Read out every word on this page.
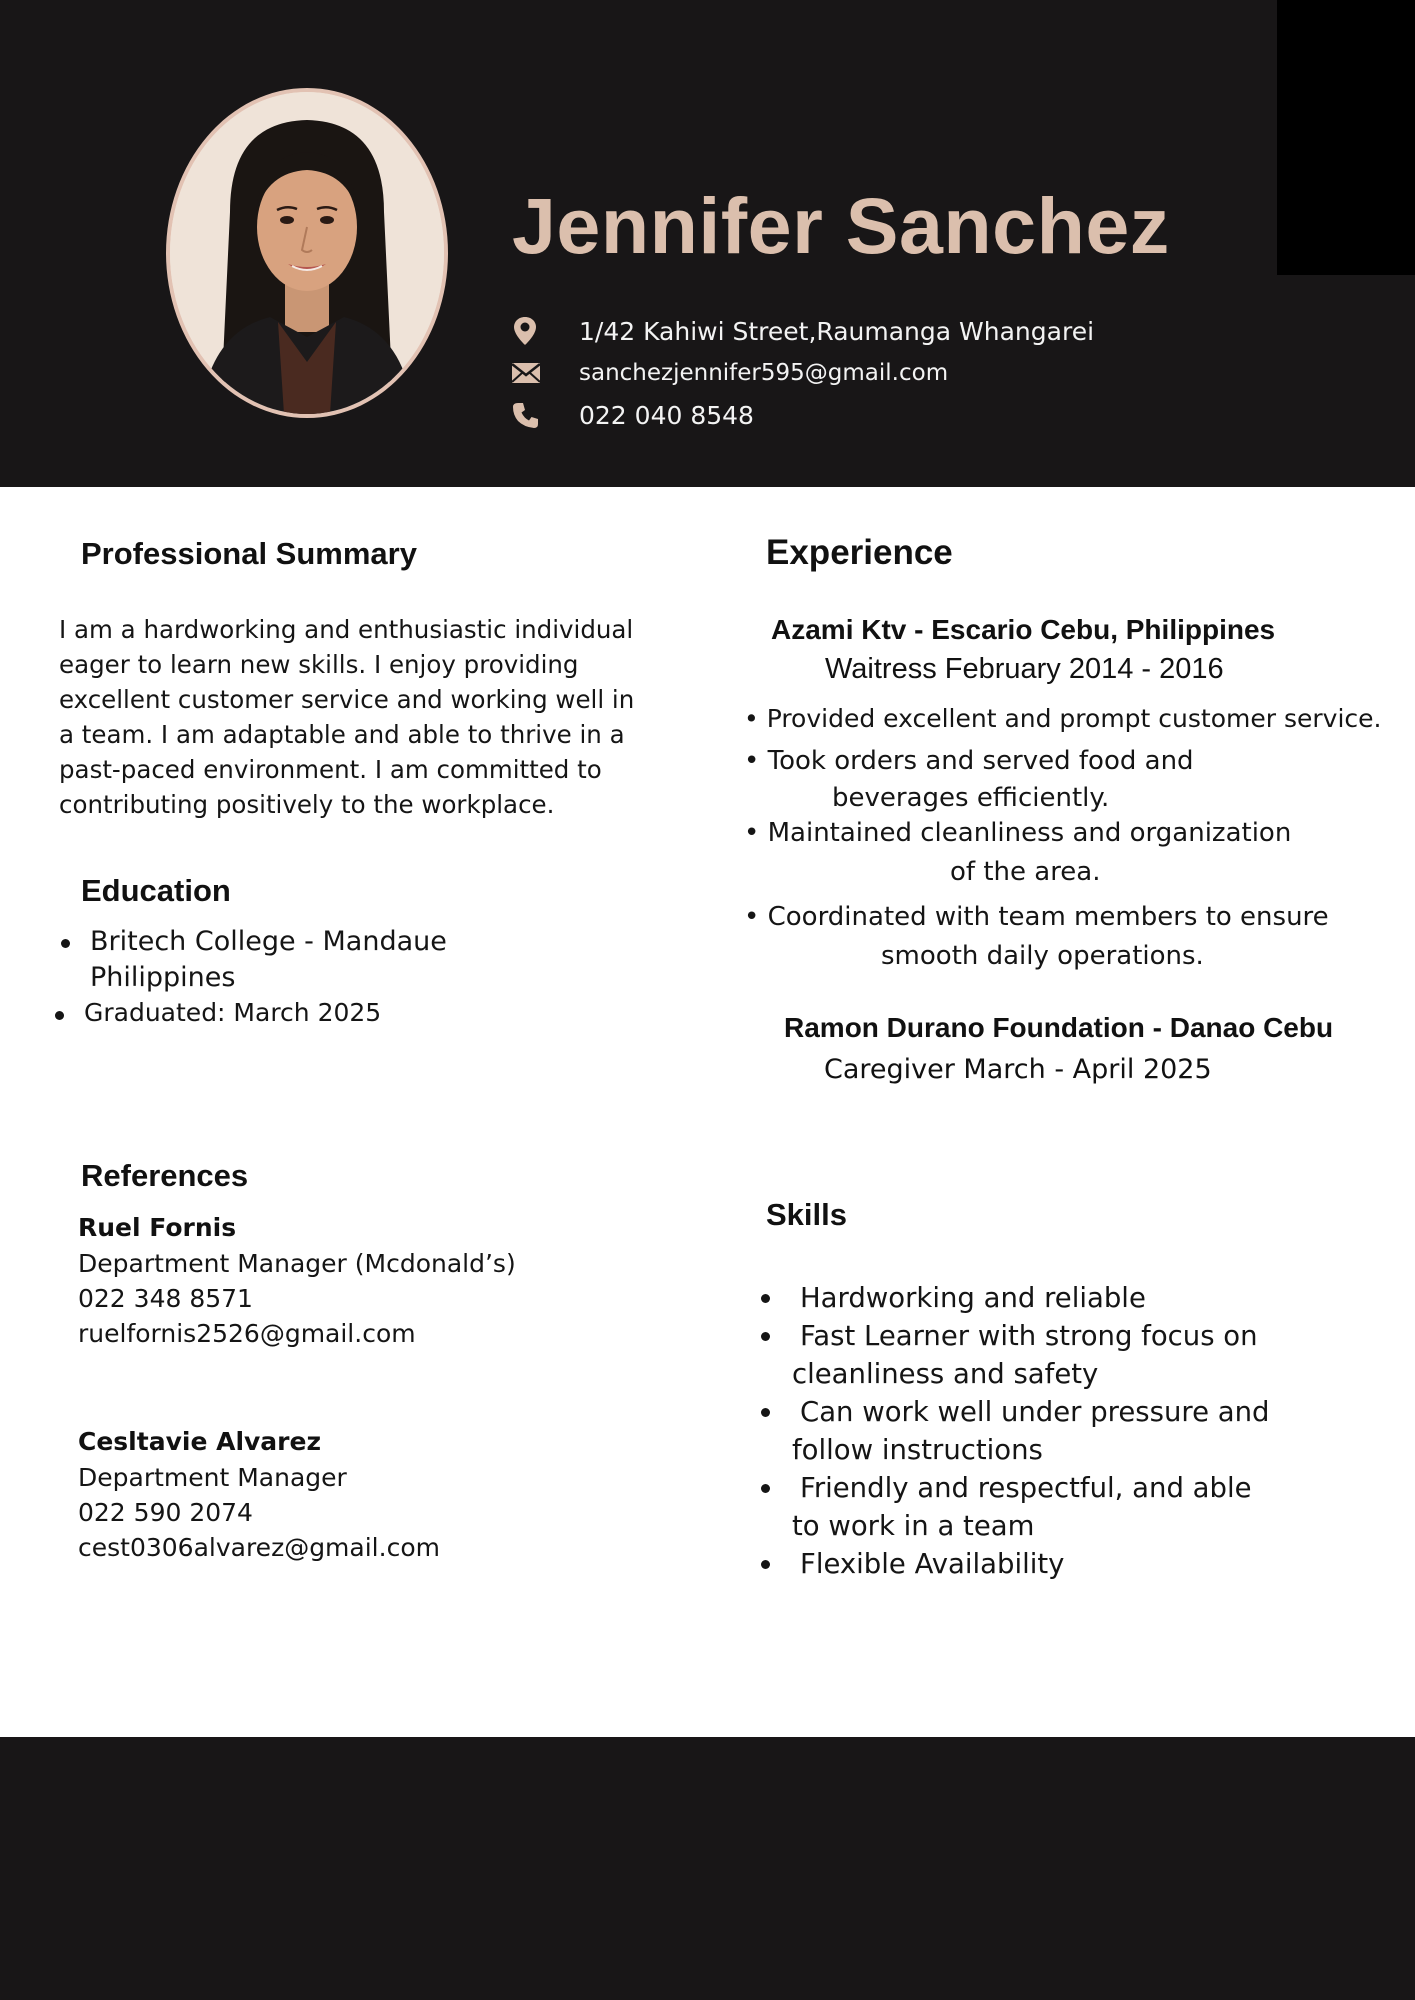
Jennifer Sanchez
1/42 Kahiwi Street,Raumanga Whangarei
sanchezjennifer595@gmail.com
022 040 8548
Professional Summary
I am a hardworking and enthusiastic individual
eager to learn new skills. I enjoy providing
excellent customer service and working well in
a team. I am adaptable and able to thrive in a
past-paced environment. I am committed to
contributing positively to the workplace.
Education
Britech College - Mandaue
Philippines
Graduated: March 2025
References
Ruel Fornis
Department Manager (Mcdonald’s)
022 348 8571
ruelfornis2526@gmail.com
Cesltavie Alvarez
Department Manager
022 590 2074
cest0306alvarez@gmail.com
Experience
Azami Ktv - Escario Cebu, Philippines
Waitress February 2014 - 2016
• Provided excellent and prompt customer service.
• Took orders and served food and
beverages efficiently.
• Maintained cleanliness and organization
of the area.
• Coordinated with team members to ensure
smooth daily operations.
Ramon Durano Foundation - Danao Cebu
Caregiver March - April 2025
Skills
Hardworking and reliable
Fast Learner with strong focus on
cleanliness and safety
Can work well under pressure and
follow instructions
Friendly and respectful, and able
to work in a team
Flexible Availability
